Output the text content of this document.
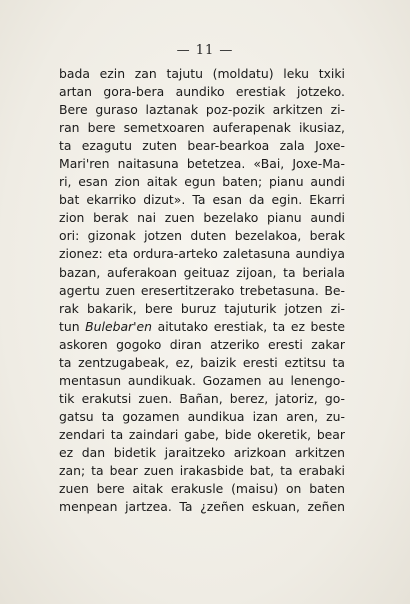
— 11 —
bada ezin zan tajutu (moldatu) leku txiki
artan gora-bera aundiko erestiak jotzeko.
Bere guraso laztanak poz-pozik arkitzen zi-
ran bere semetxoaren auferapenak ikusiaz,
ta ezagutu zuten bear-bearkoa zala Joxe-
Mari'ren naitasuna betetzea. «Bai, Joxe-Ma-
ri, esan zion aitak egun baten; pianu aundi
bat ekarriko dizut». Ta esan da egin. Ekarri
zion berak nai zuen bezelako pianu aundi
ori: gizonak jotzen duten bezelakoa, berak
zionez: eta ordura-arteko zaletasuna aundiya
bazan, auferakoan geituaz zijoan, ta beriala
agertu zuen eresertitzerako trebetasuna. Be-
rak bakarik, bere buruz tajuturik jotzen zi-
tun Bulebar'en aitutako erestiak, ta ez beste
askoren gogoko diran atzeriko eresti zakar
ta zentzugabeak, ez, baizik eresti eztitsu ta
mentasun aundikuak. Gozamen au lenengo-
tik erakutsi zuen. Bañan, berez, jatoriz, go-
gatsu ta gozamen aundikua izan aren, zu-
zendari ta zaindari gabe, bide okeretik, bear
ez dan bidetik jaraitzeko arizkoan arkitzen
zan; ta bear zuen irakasbide bat, ta erabaki
zuen bere aitak erakusle (maisu) on baten
menpean jartzea. Ta ¿zeñen eskuan, zeñen
